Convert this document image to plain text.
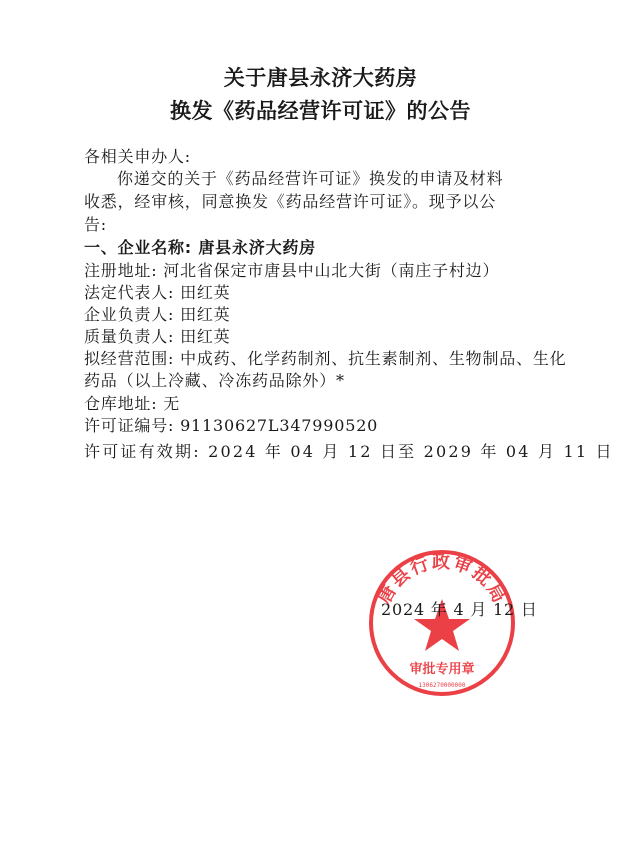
关于唐县永济大药房
换发《药品经营许可证》的公告
各相关申办人:
你递交的关于《药品经营许可证》换发的申请及材料
收悉，经审核，同意换发《药品经营许可证》。现予以公
告:
一、企业名称: 唐县永济大药房
注册地址: 河北省保定市唐县中山北大街（南庄子村边）
法定代表人: 田红英
企业负责人: 田红英
质量负责人: 田红英
拟经营范围: 中成药、化学药制剂、抗生素制剂、生物制品、生化
药品（以上冷藏、冷冻药品除外）*
仓库地址: 无
许可证编号: 91130627L347990520
许可证有效期: 2024 年 04 月 12 日至 2029 年 04 月 11 日
唐县行政审批局
审批专用章
1306270000000
2024 年 4 月 12 日
